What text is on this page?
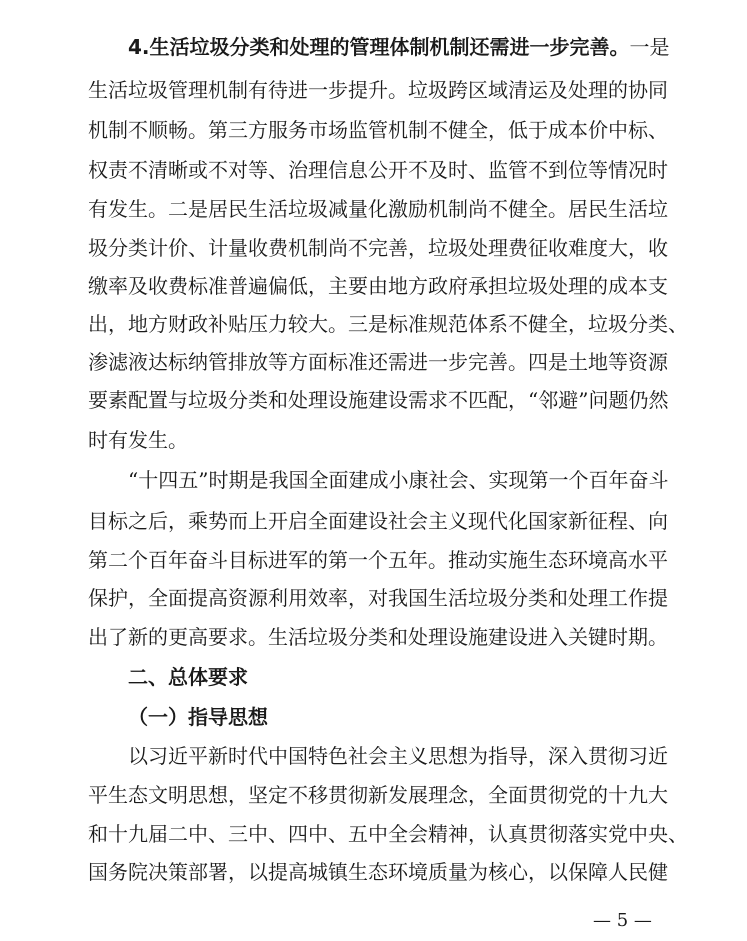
4.生活垃圾分类和处理的管理体制机制还需进一步完善。一是
生活垃圾管理机制有待进一步提升。垃圾跨区域清运及处理的协同
机制不顺畅。第三方服务市场监管机制不健全，低于成本价中标、
权责不清晰或不对等、治理信息公开不及时、监管不到位等情况时
有发生。二是居民生活垃圾减量化激励机制尚不健全。居民生活垃
圾分类计价、计量收费机制尚不完善，垃圾处理费征收难度大，收
缴率及收费标准普遍偏低，主要由地方政府承担垃圾处理的成本支
出，地方财政补贴压力较大。三是标准规范体系不健全，垃圾分类、
渗滤液达标纳管排放等方面标准还需进一步完善。四是土地等资源
要素配置与垃圾分类和处理设施建设需求不匹配，“邻避”问题仍然
时有发生。
“十四五”时期是我国全面建成小康社会、实现第一个百年奋斗
目标之后，乘势而上开启全面建设社会主义现代化国家新征程、向
第二个百年奋斗目标进军的第一个五年。推动实施生态环境高水平
保护，全面提高资源利用效率，对我国生活垃圾分类和处理工作提
出了新的更高要求。生活垃圾分类和处理设施建设进入关键时期。
二、总体要求
（一）指导思想
以习近平新时代中国特色社会主义思想为指导，深入贯彻习近
平生态文明思想，坚定不移贯彻新发展理念，全面贯彻党的十九大
和十九届二中、三中、四中、五中全会精神，认真贯彻落实党中央、
国务院决策部署，以提高城镇生态环境质量为核心，以保障人民健
— 5 —
